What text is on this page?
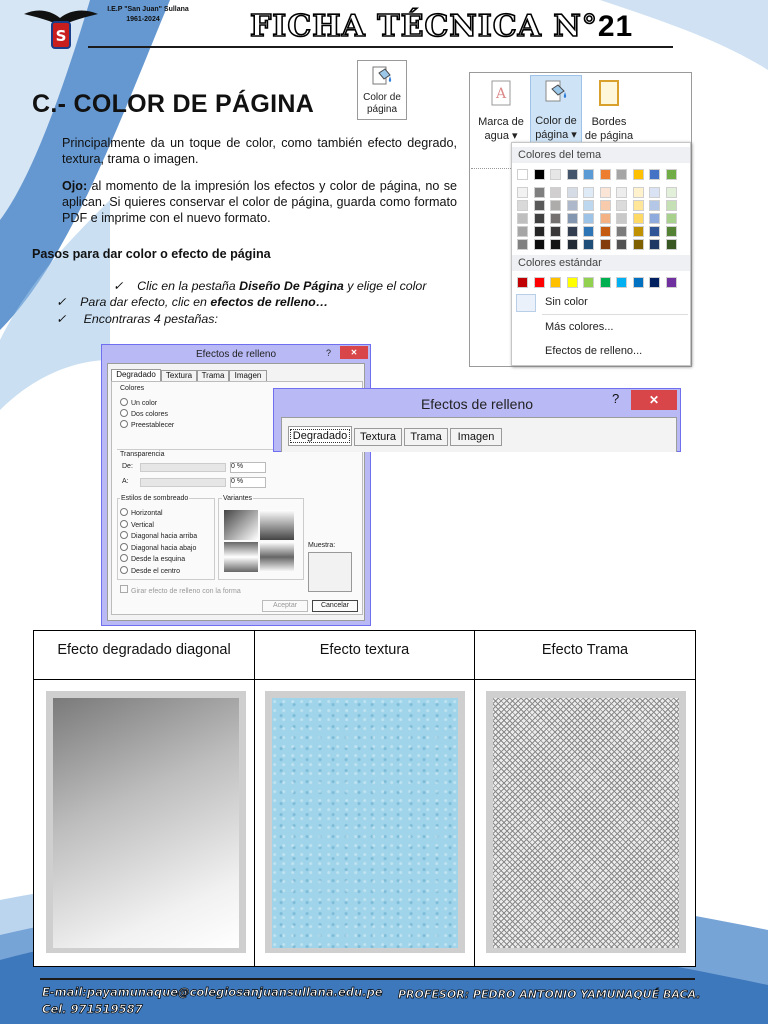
S
I.E.P "San Juan" Sullana
1961-2024	FICHA TÉCNICA N°21
C.- COLOR DE PÁGINA	Color de
página
Principalmente da un toque de color, como también efecto degrado, textura, trama o imagen.
Ojo: al momento de la impresión los efectos y color de página, no se aplican. Si quieres conservar el color de página, guarda como formato PDF e imprime con el nuevo formato.
Pasos para dar color o efecto de página
✓ Clic en la pestaña Diseño De Página y elige el color
✓ Para dar efecto, clic en efectos de relleno…
✓     Encontraras 4 pestañas:
A
Marca de
agua ▾
Color de
página ▾
Bordes
de página
Colores del tema
Colores estándar
Sin color
Más colores...
Efectos de relleno...
Efectos de relleno	?	✕
Degradado	Textura	Trama	Imagen
Colores
Un color
Dos colores
Preestablecer
Transparencia
De:	0 %
A:	0 %
Estilos de sombreado
Horizontal
Vertical
Diagonal hacia arriba
Diagonal hacia abajo
Desde la esquina
Desde el centro
Variantes
Muestra:
Girar efecto de relleno con la forma
Aceptar	Cancelar
Efectos de relleno	?	✕
Degradado	Textura	Trama	Imagen
Efecto degradado diagonal	Efecto textura	Efecto Trama
E-mail:payamunaque@colegiosanjuansullana.edu.pe
Cel. 971519587
PROFESOR: PEDRO ANTONIO YAMUNAQUÉ BACA.
